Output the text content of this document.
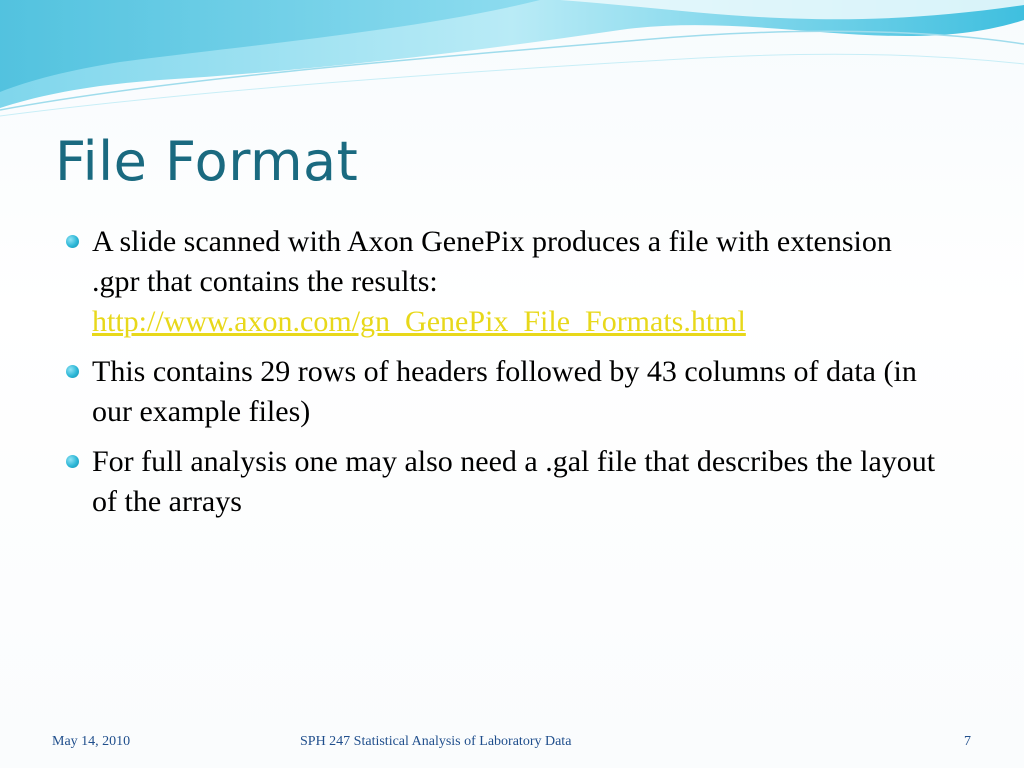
File Format
A slide scanned with Axon GenePix produces a file with extension .gpr that contains the results:
http://www.axon.com/gn_GenePix_File_Formats.html
This contains 29 rows of headers followed by 43 columns of data (in our example files)
For full analysis one may also need a .gal file that describes the layout of the arrays
May 14, 2010	SPH 247 Statistical Analysis of Laboratory Data	7
